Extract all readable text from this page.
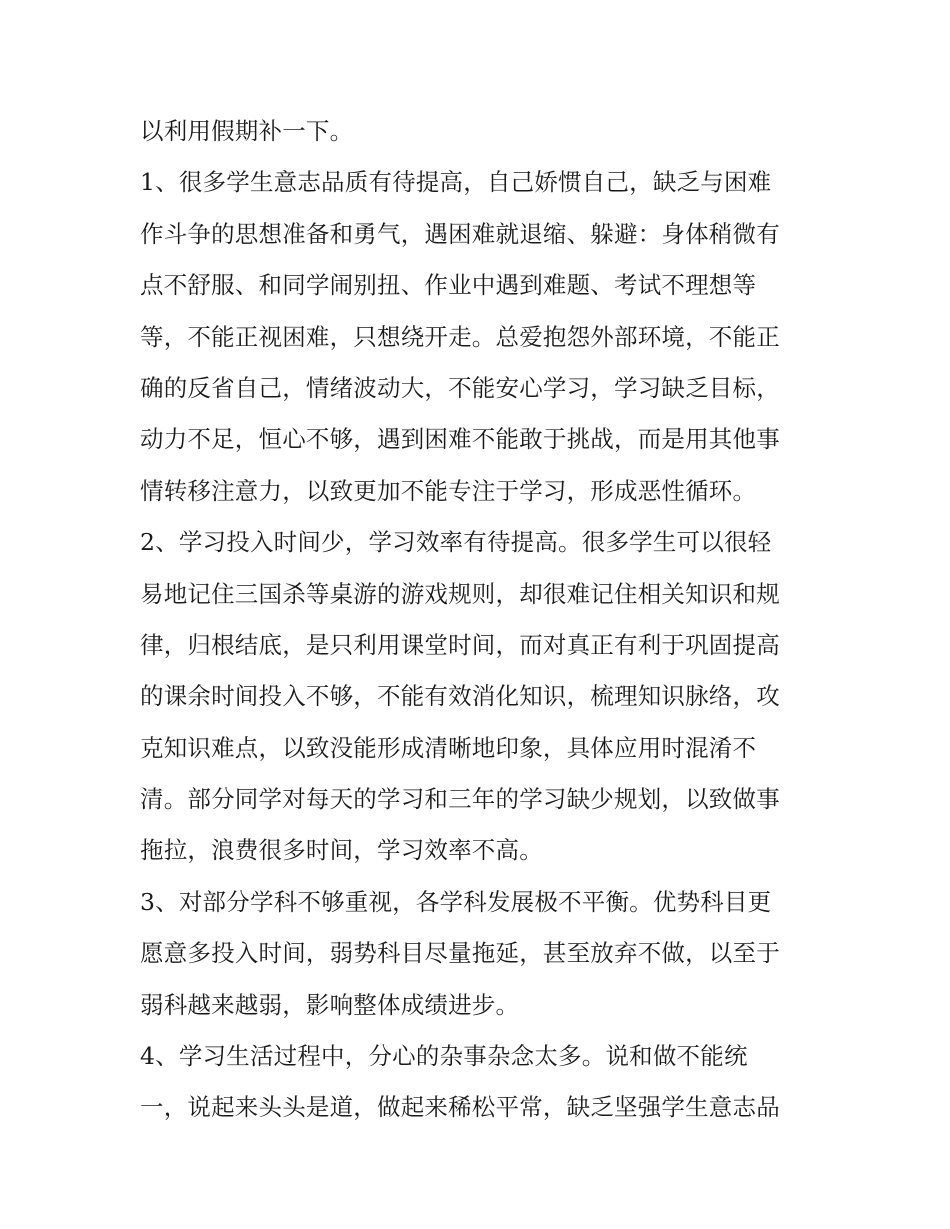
以利用假期补一下。
1、很多学生意志品质有待提高，自己娇惯自己，缺乏与困难
作斗争的思想准备和勇气，遇困难就退缩、躲避：身体稍微有
点不舒服、和同学闹别扭、作业中遇到难题、考试不理想等
等，不能正视困难，只想绕开走。总爱抱怨外部环境，不能正
确的反省自己，情绪波动大，不能安心学习，学习缺乏目标，
动力不足，恒心不够，遇到困难不能敢于挑战，而是用其他事
情转移注意力，以致更加不能专注于学习，形成恶性循环。
2、学习投入时间少，学习效率有待提高。很多学生可以很轻
易地记住三国杀等桌游的游戏规则，却很难记住相关知识和规
律，归根结底，是只利用课堂时间，而对真正有利于巩固提高
的课余时间投入不够，不能有效消化知识，梳理知识脉络，攻
克知识难点，以致没能形成清晰地印象，具体应用时混淆不
清。部分同学对每天的学习和三年的学习缺少规划，以致做事
拖拉，浪费很多时间，学习效率不高。
3、对部分学科不够重视，各学科发展极不平衡。优势科目更
愿意多投入时间，弱势科目尽量拖延，甚至放弃不做，以至于
弱科越来越弱，影响整体成绩进步。
4、学习生活过程中，分心的杂事杂念太多。说和做不能统
一，说起来头头是道，做起来稀松平常，缺乏坚强学生意志品
